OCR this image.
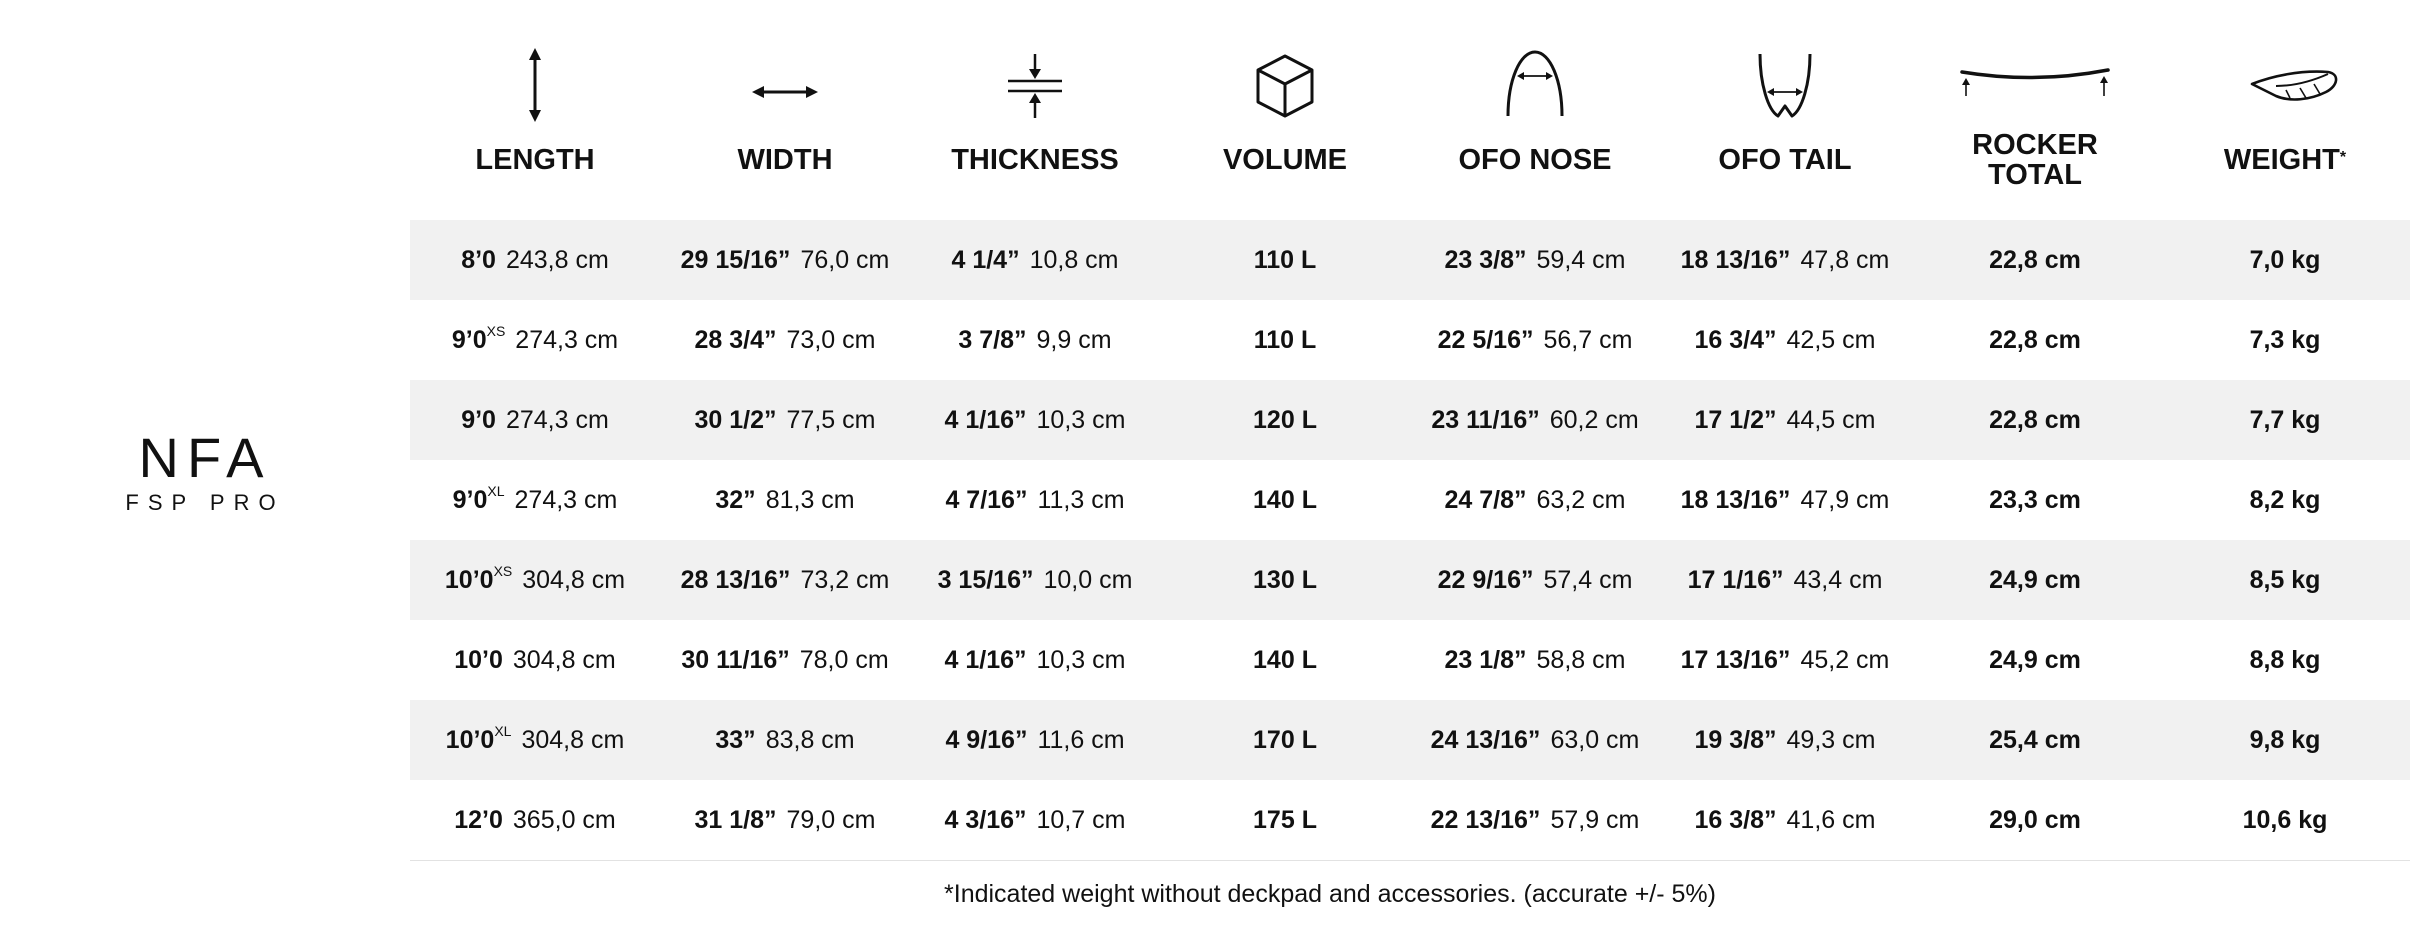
NFA
FSP PRO
LENGTH	WIDTH	THICKNESS	VOLUME	OFO NOSE	OFO TAIL	ROCKER TOTAL	WEIGHT*
8’0 243,8 cm	29 15/16” 76,0 cm	4 1/4” 10,8 cm	110 L	23 3/8” 59,4 cm	18 13/16” 47,8 cm	22,8 cm	7,0 kg
$9’0^{XS}$ 274,3 cm	28 3/4” 73,0 cm	3 7/8” 9,9 cm	110 L	22 5/16” 56,7 cm	16 3/4” 42,5 cm	22,8 cm	7,3 kg
9’0 274,3 cm	30 1/2” 77,5 cm	4 1/16” 10,3 cm	120 L	23 11/16” 60,2 cm	17 1/2” 44,5 cm	22,8 cm	7,7 kg
$9’0^{XL}$ 274,3 cm	32” 81,3 cm	4 7/16” 11,3 cm	140 L	24 7/8” 63,2 cm	18 13/16” 47,9 cm	23,3 cm	8,2 kg
$10’0^{XS}$ 304,8 cm	28 13/16” 73,2 cm	3 15/16” 10,0 cm	130 L	22 9/16” 57,4 cm	17 1/16” 43,4 cm	24,9 cm	8,5 kg
10’0 304,8 cm	30 11/16” 78,0 cm	4 1/16” 10,3 cm	140 L	23 1/8” 58,8 cm	17 13/16” 45,2 cm	24,9 cm	8,8 kg
$10’0^{XL}$ 304,8 cm	33” 83,8 cm	4 9/16” 11,6 cm	170 L	24 13/16” 63,0 cm	19 3/8” 49,3 cm	25,4 cm	9,8 kg
12’0 365,0 cm	31 1/8” 79,0 cm	4 3/16” 10,7 cm	175 L	22 13/16” 57,9 cm	16 3/8” 41,6 cm	29,0 cm	10,6 kg
*Indicated weight without deckpad and accessories. (accurate +/- 5%)
